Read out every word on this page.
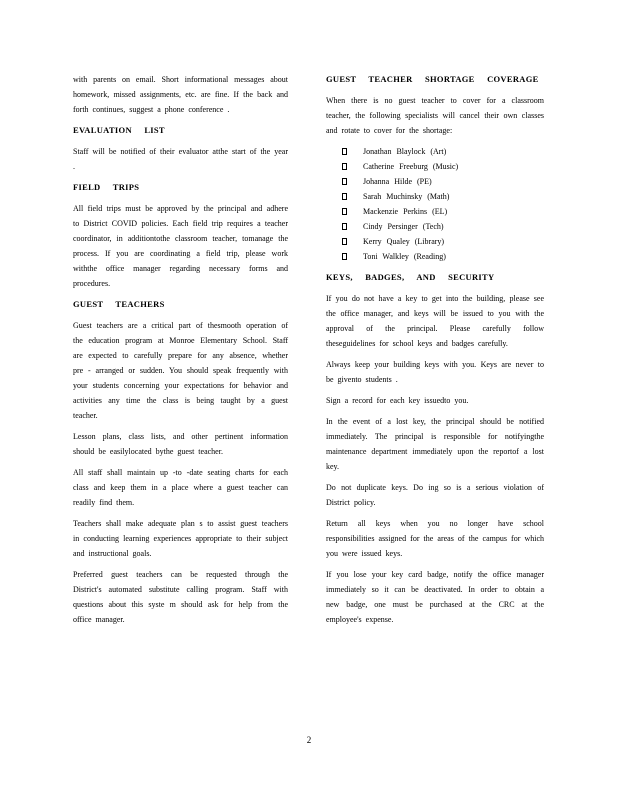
with parents on email. Short informational messages about homework, missed assignments, etc. are fine. If the back and forth continues, suggest a phone conference .

EVALUATION LIST

Staff will be notified of their evaluator atthe start of the year .

FIELD TRIPS

All field trips must be approved by the principal and adhere to District COVID policies. Each field trip requires a teacher coordinator, in additiontothe classroom teacher, tomanage the process. If you are coordinating a field trip, please work withthe office manager regarding necessary forms and procedures.

GUEST TEACHERS

Guest teachers are a critical part of thesmooth operation of the education program at Monroe Elementary School. Staff are expected to carefully prepare for any absence, whether pre - arranged or sudden. You should speak frequently with your students concerning your expectations for behavior and activities any time the class is being taught by a guest teacher.

Lesson plans, class lists, and other pertinent information should be easilylocated bythe guest teacher.

All staff shall maintain up -to -date seating charts for each class and keep them in a place where a guest teacher can readily find them.

Teachers shall make adequate plan s to assist guest teachers in conducting learning experiences appropriate to their subject and instructional goals.

Preferred guest teachers can be requested through the District's automated substitute calling program. Staff with questions about this syste m should ask for help from the office manager.

GUEST TEACHER SHORTAGE COVERAGE

When there is no guest teacher to cover for a classroom teacher, the following specialists will cancel their own classes and rotate to cover for the shortage:

Jonathan Blaylock (Art)
Catherine Freeburg (Music)
Johanna Hilde (PE)
Sarah Muchinsky (Math)
Mackenzie Perkins (EL)
Cindy Persinger (Tech)
Kerry Qualey (Library)
Toni Walkley (Reading)
KEYS, BADGES, AND SECURITY

If you do not have a key to get into the building, please see the office manager, and keys will be issued to you with the approval of the principal. Please carefully follow theseguidelines for school keys and badges carefully.

Always keep your building keys with you. Keys are never to be givento students .

Sign a record for each key issuedto you.

In the event of a lost key, the principal should be notified immediately. The principal is responsible for notifyingthe maintenance department immediately upon the reportof a lost key.

Do not duplicate keys. Do ing so is a serious violation of District policy.

Return all keys when you no longer have school responsibilities assigned for the areas of the campus for which you were issued keys.

If you lose your key card badge, notify the office manager immediately so it can be deactivated. In order to obtain a new badge, one must be purchased at the CRC at the employee's expense.

2
